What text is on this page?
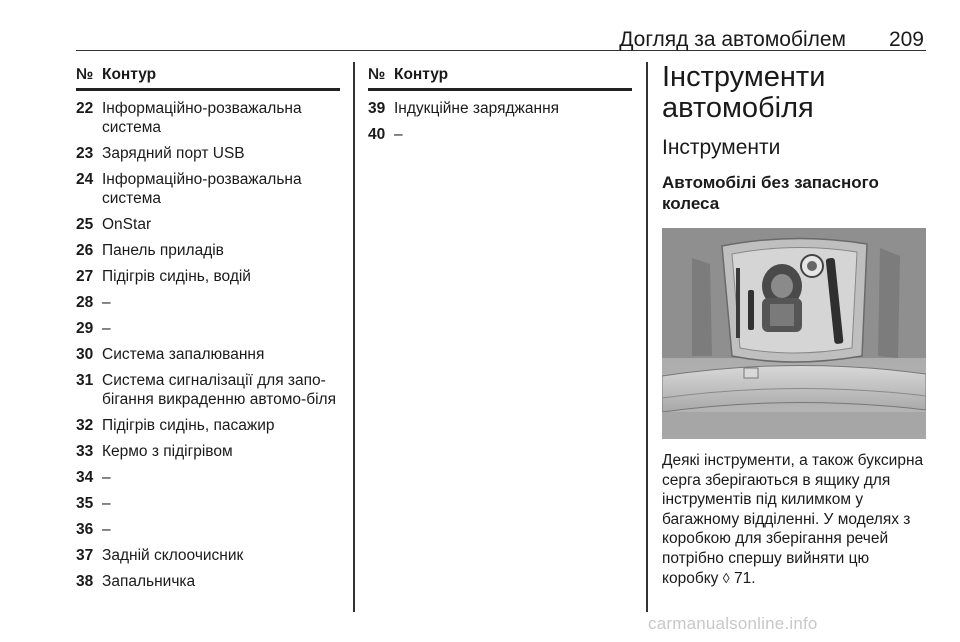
Догляд за автомобілем 209
№ Контур
22 Інформаційно-розважальна система
23 Зарядний порт USB
24 Інформаційно-розважальна система
25 OnStar
26 Панель приладів
27 Підігрів сидінь, водій
28 –
29 –
30 Система запалювання
31 Система сигналізації для запо-бігання викраденню автомо-біля
32 Підігрів сидінь, пасажир
33 Кермо з підігрівом
34 –
35 –
36 –
37 Задній склоочисник
38 Запальничка
№ Контур
39 Індукційне заряджання
40 –
Інструменти автомобіля
Інструменти
Автомобілі без запасного колеса
Деякі інструменти, а також буксирна серга зберігаються в ящику для інструментів під килимком у багажному відділенні. У моделях з коробкою для зберігання речей потрібно спершу вийняти цю коробку ◊ 71.
carmanualsonline.info
